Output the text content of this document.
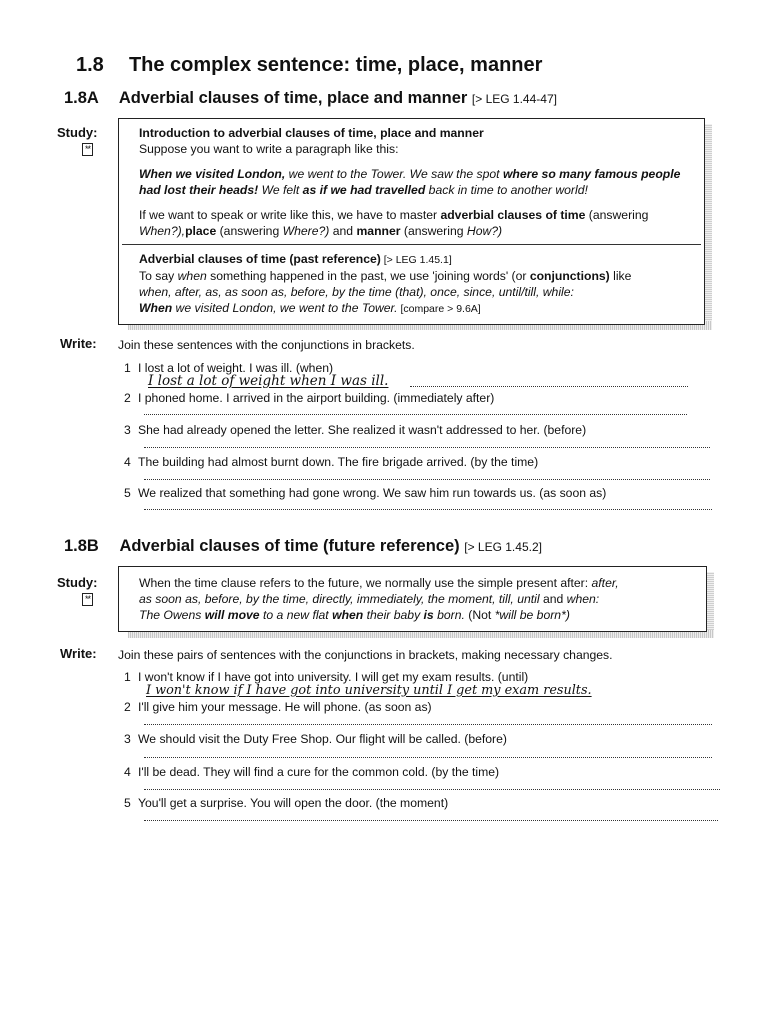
1.8 The complex sentence: time, place, manner
1.8A Adverbial clauses of time, place and manner [> LEG 1.44-47]
Study:
**

Introduction to adverbial clauses of time, place and manner

Suppose you want to write a paragraph like this:

When we visited London, we went to the Tower. We saw the spot where so many famous people had lost their heads! We felt as if we had travelled back in time to another world!

If we want to speak or write like this, we have to master adverbial clauses of time (answering When?),place (answering Where?) and manner (answering How?)

Adverbial clauses of time (past reference) [> LEG 1.45.1]

To say when something happened in the past, we use 'joining words' (or conjunctions) like

when, after, as, as soon as, before, by the time (that), once, since, until/till, while:

When we visited London, we went to the Tower. [compare > 9.6A]

Write: Join these sentences with the conjunctions in brackets.
1 I lost a lot of weight. I was ill. (when)
I lost a lot of weight when I was ill.
2 I phoned home. I arrived in the airport building. (immediately after)
3 She had already opened the letter. She realized it wasn't addressed to her. (before)
4 The building had almost burnt down. The fire brigade arrived. (by the time)
5 We realized that something had gone wrong. We saw him run towards us. (as soon as)
1.8B Adverbial clauses of time (future reference) [> LEG 1.45.2]
Study:
**

When the time clause refers to the future, we normally use the simple present after: after,

as soon as, before, by the time, directly, immediately, the moment, till, until and when:

The Owens will move to a new flat when their baby is born. (Not *will be born*)

Write: Join these pairs of sentences with the conjunctions in brackets, making necessary changes.
1 I won't know if I have got into university. I will get my exam results. (until)
I won't know if I have got into university until I get my exam results.
2 I'll give him your message. He will phone. (as soon as)
3 We should visit the Duty Free Shop. Our flight will be called. (before)
4 I'll be dead. They will find a cure for the common cold. (by the time)
5 You'll get a surprise. You will open the door. (the moment)
